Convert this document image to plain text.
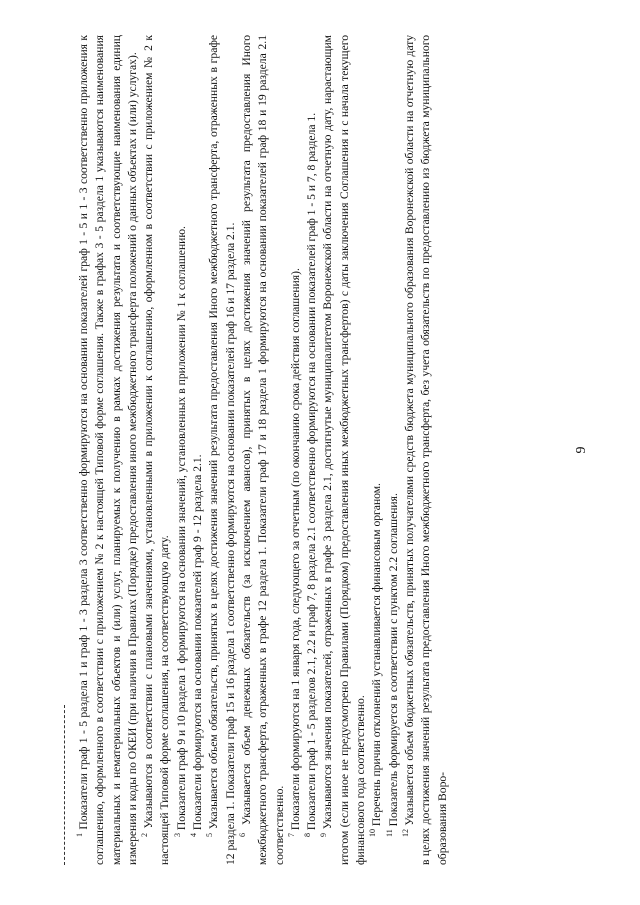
9

$^1$ Показатели граф 1 - 5 раздела 1 и граф 1 - 3 раздела 3 соответственно формируются на основании показателей граф 1 - 5 и 1 - 3 соответственно приложения к соглашению, оформленного в соответствии с приложением № 2 к настоящей Типовой форме соглашения. Также в графах 3 - 5 раздела 1 указываются наименования материальных и нематериальных объектов и (или) услуг, планируемых к получению в рамках достижения результата и соответствующие наименования единиц измерения и коды по ОКЕИ (при наличии в Правилах (Порядке) предоставления иного межбюджетного трансферта положений о данных объектах и (или) услугах). $^2$ Указываются в соответствии с плановыми значениями, установленными в приложении к соглашению, оформленном в соответствии с приложением № 2 к настоящей Типовой форме соглашения, на соответствующую дату. $^3$ Показатели граф 9 и 10 раздела 1 формируются на основании значений, установленных в приложении № 1 к соглашению.

$^4$ Показатели формируются на основании показателей граф 9 - 12 раздела 2.1.

$^5$ Указывается объем обязательств, принятых в целях достижения значений результата предоставления Иного межбюджетного трансферта, отраженных в графе 12 раздела 1. Показатели граф 15 и 16 раздела 1 соответственно формируются на основании показателей граф 16 и 17 раздела 2.1. $^6$ Указывается объем денежных обязательств (за исключением авансов), принятых в целях достижения значений результата предоставления Иного межбюджетного трансферта, отраженных в графе 12 раздела 1. Показатели граф 17 и 18 раздела 1 формируются на основании показателей граф 18 и 19 раздела 2.1 соответственно. $^7$ Показатели формируются на 1 января года, следующего за отчетным (по окончанию срока действия соглашения).

$^8$ Показатели граф 1 - 5 разделов 2.1, 2.2 и граф 7, 8 раздела 2.1 соответственно формируются на основании показателей граф 1 - 5 и 7, 8 раздела 1.

$^9$ Указываются значения показателей, отраженных в графе 3 раздела 2.1, достигнутые муниципалитетом Воронежской области на отчетную дату, нарастающим итогом (если иное не предусмотрено Правилами (Порядком) предоставления иных межбюджетных трансфертов) с даты заключения Соглашения и с начала текущего финансового года соответственно. $^{10}$ Перечень причин отклонений устанавливается финансовым органом.

$^{11}$ Показатель формируется в соответствии с пунктом 2.2 соглашения.

$^{12}$ Указывается объем бюджетных обязательств, принятых получателями средств бюджета муниципального образования Воронежской области на отчетную дату в целях достижения значений результата предоставления Иного межбюджетного трансферта, без учета обязательств по предоставлению из бюджета муниципального образования Воро-
